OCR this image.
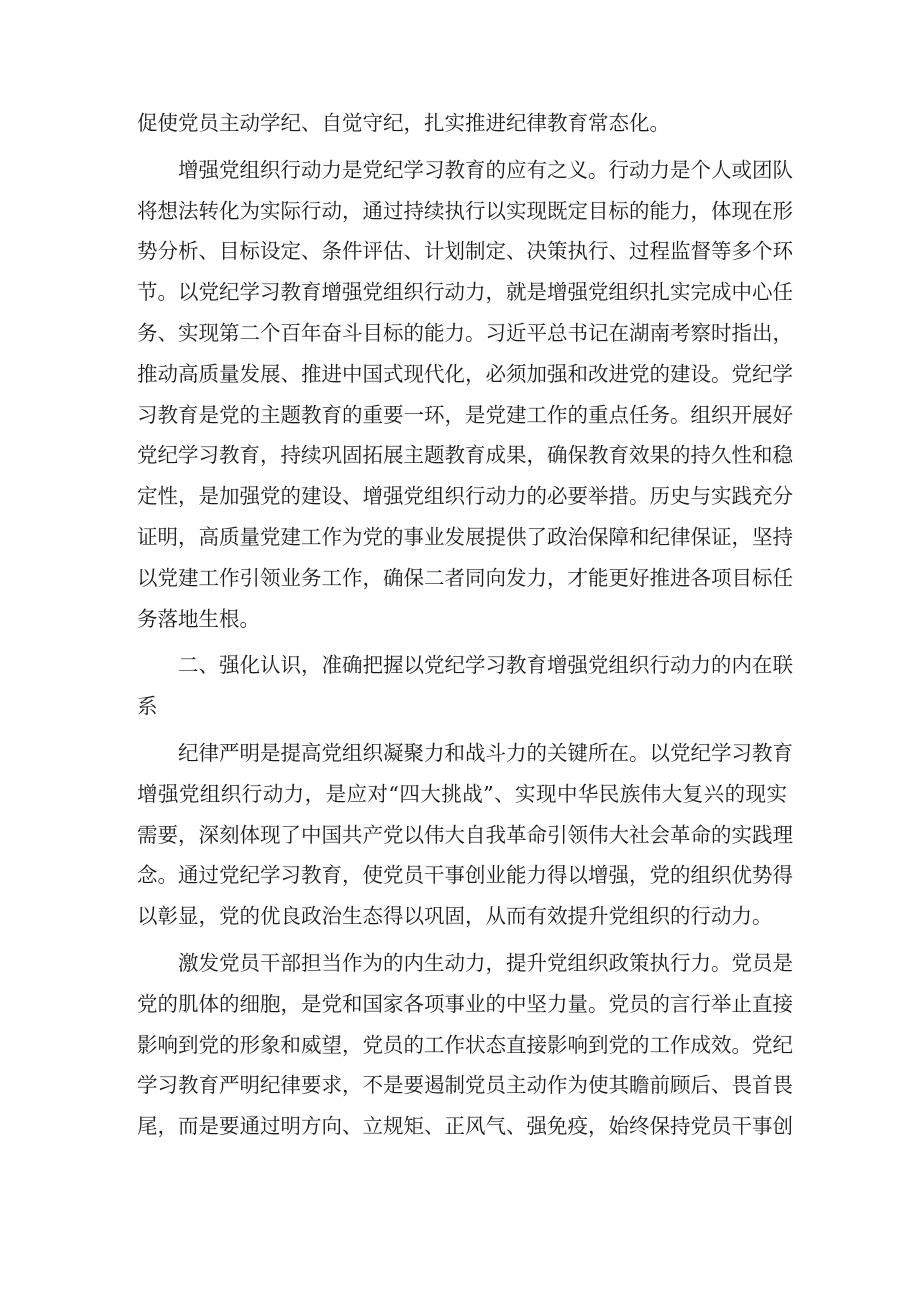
促使党员主动学纪、自觉守纪，扎实推进纪律教育常态化。
增强党组织行动力是党纪学习教育的应有之义。行动力是个人或团队
将想法转化为实际行动，通过持续执行以实现既定目标的能力，体现在形
势分析、目标设定、条件评估、计划制定、决策执行、过程监督等多个环
节。以党纪学习教育增强党组织行动力，就是增强党组织扎实完成中心任
务、实现第二个百年奋斗目标的能力。习近平总书记在湖南考察时指出，
推动高质量发展、推进中国式现代化，必须加强和改进党的建设。党纪学
习教育是党的主题教育的重要一环，是党建工作的重点任务。组织开展好
党纪学习教育，持续巩固拓展主题教育成果，确保教育效果的持久性和稳
定性，是加强党的建设、增强党组织行动力的必要举措。历史与实践充分
证明，高质量党建工作为党的事业发展提供了政治保障和纪律保证，坚持
以党建工作引领业务工作，确保二者同向发力，才能更好推进各项目标任
务落地生根。
二、强化认识，准确把握以党纪学习教育增强党组织行动力的内在联
系
纪律严明是提高党组织凝聚力和战斗力的关键所在。以党纪学习教育
增强党组织行动力，是应对“四大挑战”、实现中华民族伟大复兴的现实
需要，深刻体现了中国共产党以伟大自我革命引领伟大社会革命的实践理
念。通过党纪学习教育，使党员干事创业能力得以增强，党的组织优势得
以彰显，党的优良政治生态得以巩固，从而有效提升党组织的行动力。
激发党员干部担当作为的内生动力，提升党组织政策执行力。党员是
党的肌体的细胞，是党和国家各项事业的中坚力量。党员的言行举止直接
影响到党的形象和威望，党员的工作状态直接影响到党的工作成效。党纪
学习教育严明纪律要求，不是要遏制党员主动作为使其瞻前顾后、畏首畏
尾，而是要通过明方向、立规矩、正风气、强免疫，始终保持党员干事创
